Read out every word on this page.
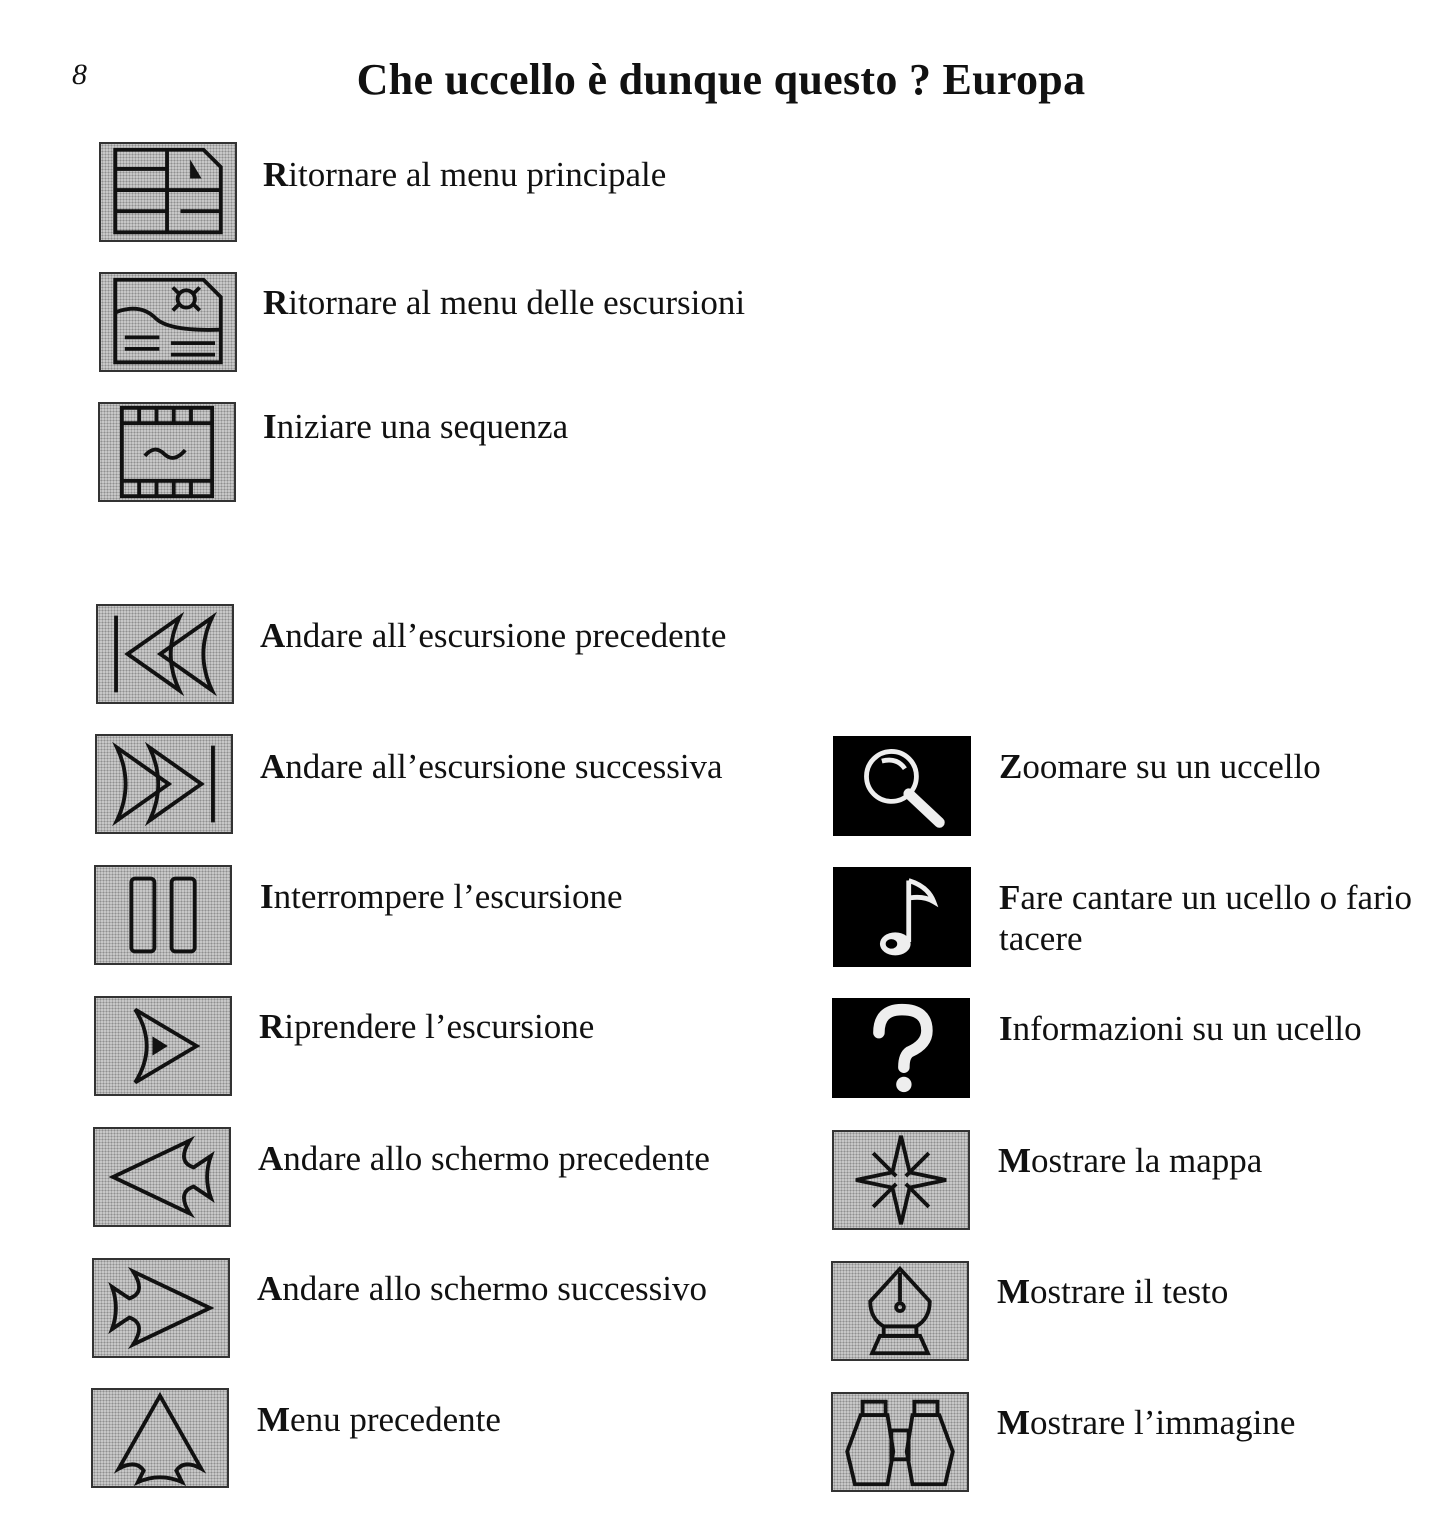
8	Che uccello è dunque questo ? Europa
Ritornare al menu principale
Ritornare al menu delle escursioni
Iniziare una sequenza
Andare all’escursione precedente
Andare all’escursione successiva
Interrompere l’escursione
Riprendere l’escursione
Andare allo schermo precedente
Andare allo schermo successivo
Menu precedente
Zoomare su un uccello
Fare cantare un ucello o fario tacere
Informazioni su un ucello
Mostrare la mappa
Mostrare il testo
Mostrare l’immagine
